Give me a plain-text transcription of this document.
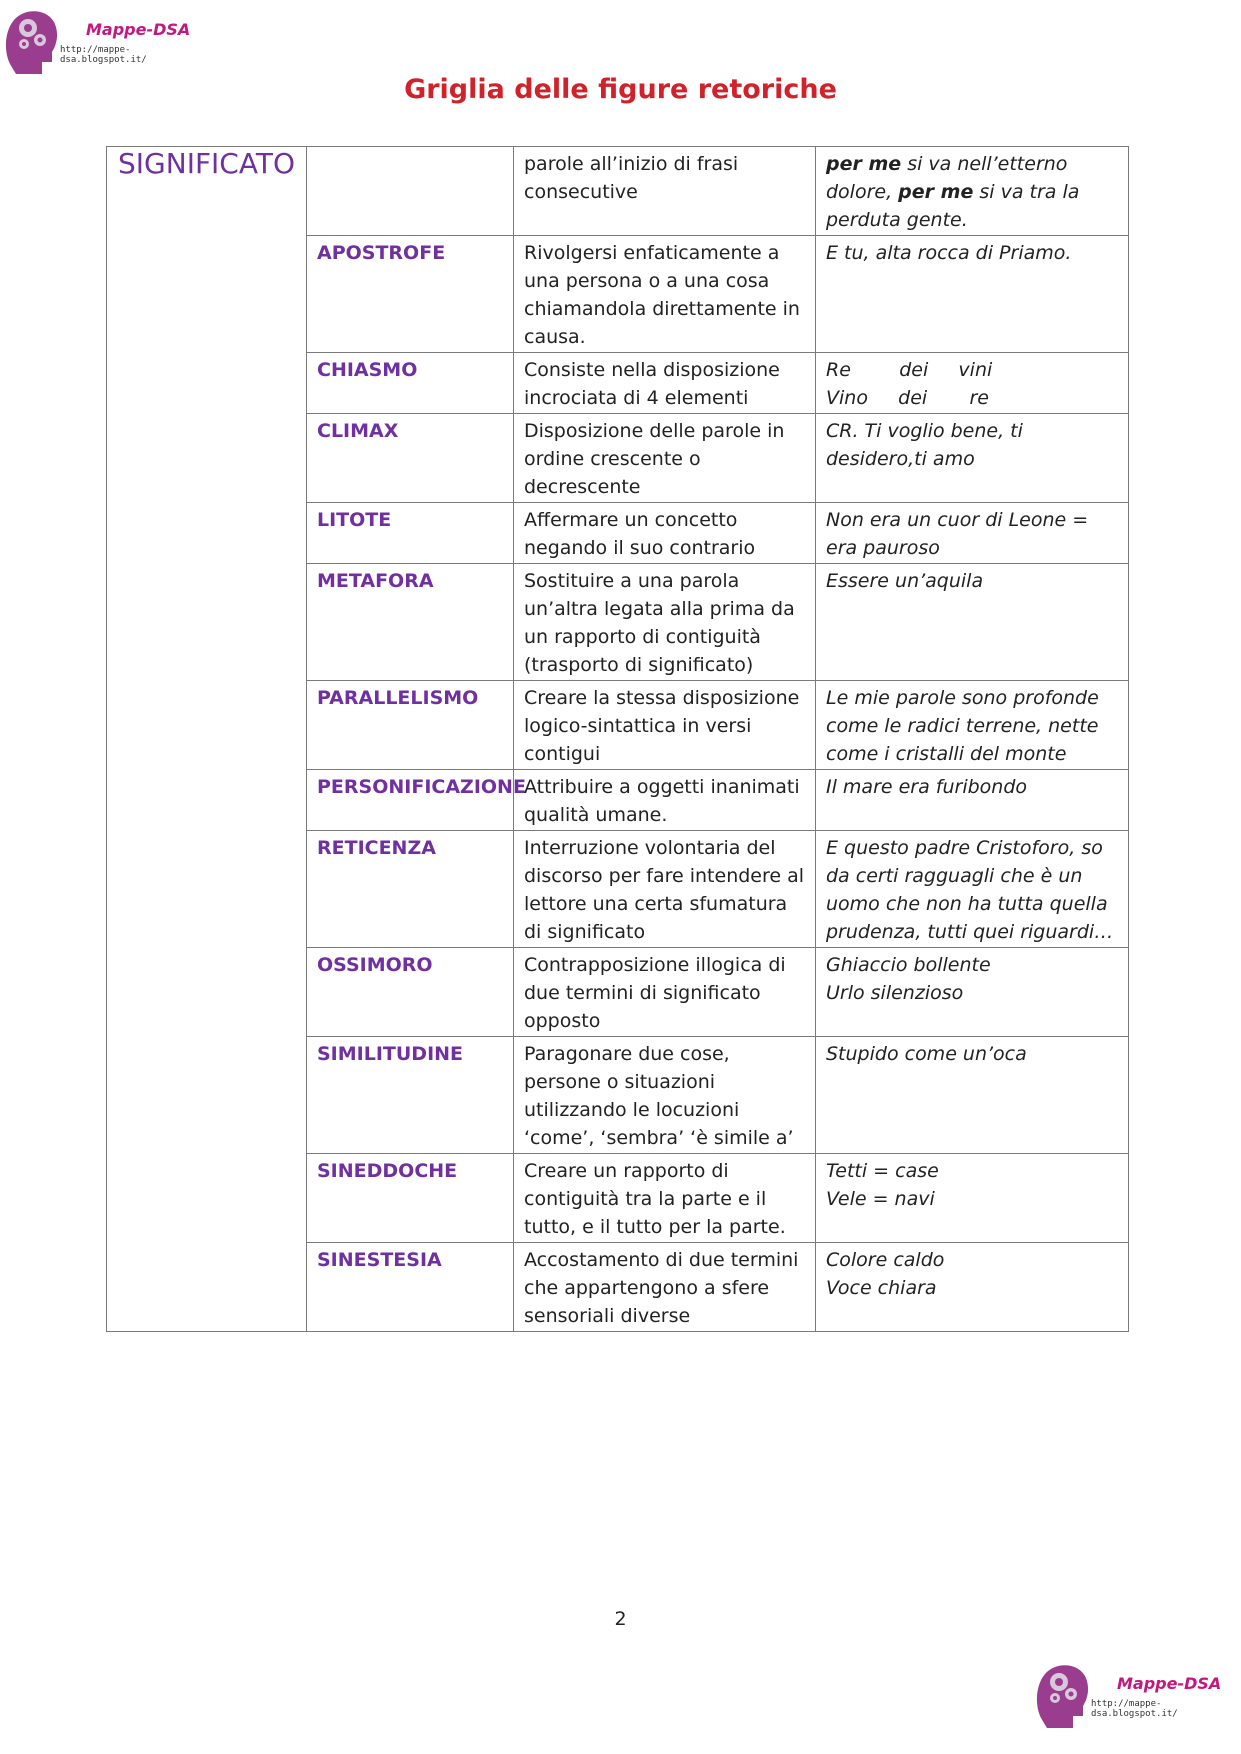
Mappe-DSA
http://mappe-dsa.blogspot.it/
Griglia delle figure retoriche
SIGNIFICATO		parole all’inizio di frasi consecutive	per me si va nell’etterno dolore, per me si va tra la perduta gente.
	APOSTROFE	Rivolgersi enfaticamente a una persona o a una cosa chiamandola direttamente in causa.	E tu, alta rocca di Priamo.

	CHIASMO	Consiste nella disposizione incrociata di 4 elementi	Re        dei     vini
Vino     dei       re

	CLIMAX	Disposizione delle parole in ordine crescente o decrescente	CR. Ti voglio bene, ti desidero,ti amo

	LITOTE	Affermare un concetto negando il suo contrario	Non era un cuor di Leone = era pauroso

	METAFORA	Sostituire a una parola un’altra legata alla prima da un rapporto di contiguità (trasporto di significato)	Essere un’aquila

	PARALLELISMO	Creare la stessa disposizione logico-sintattica in versi contigui	Le mie parole sono profonde come le radici terrene, nette come i cristalli del monte

	PERSONIFICAZIONE	Attribuire a oggetti inanimati qualità umane.	Il mare era furibondo

	RETICENZA	Interruzione volontaria del discorso per fare intendere al lettore una certa sfumatura di significato	E questo padre Cristoforo, so da certi ragguagli che è un uomo che non ha tutta quella prudenza, tutti quei riguardi…

	OSSIMORO	Contrapposizione illogica di due termini di significato opposto	Ghiaccio bollente
Urlo silenzioso

	SIMILITUDINE	Paragonare due cose, persone o situazioni utilizzando le locuzioni ‘come’, ‘sembra’ ‘è simile a’	Stupido come un’oca

	SINEDDOCHE	Creare un rapporto di contiguità tra la parte e il tutto, e il tutto per la parte.	Tetti = case
Vele = navi

	SINESTESIA	Accostamento di due termini che appartengono a sfere sensoriali diverse	Colore caldo
Voce chiara
2
Mappe-DSA
http://mappe-dsa.blogspot.it/
